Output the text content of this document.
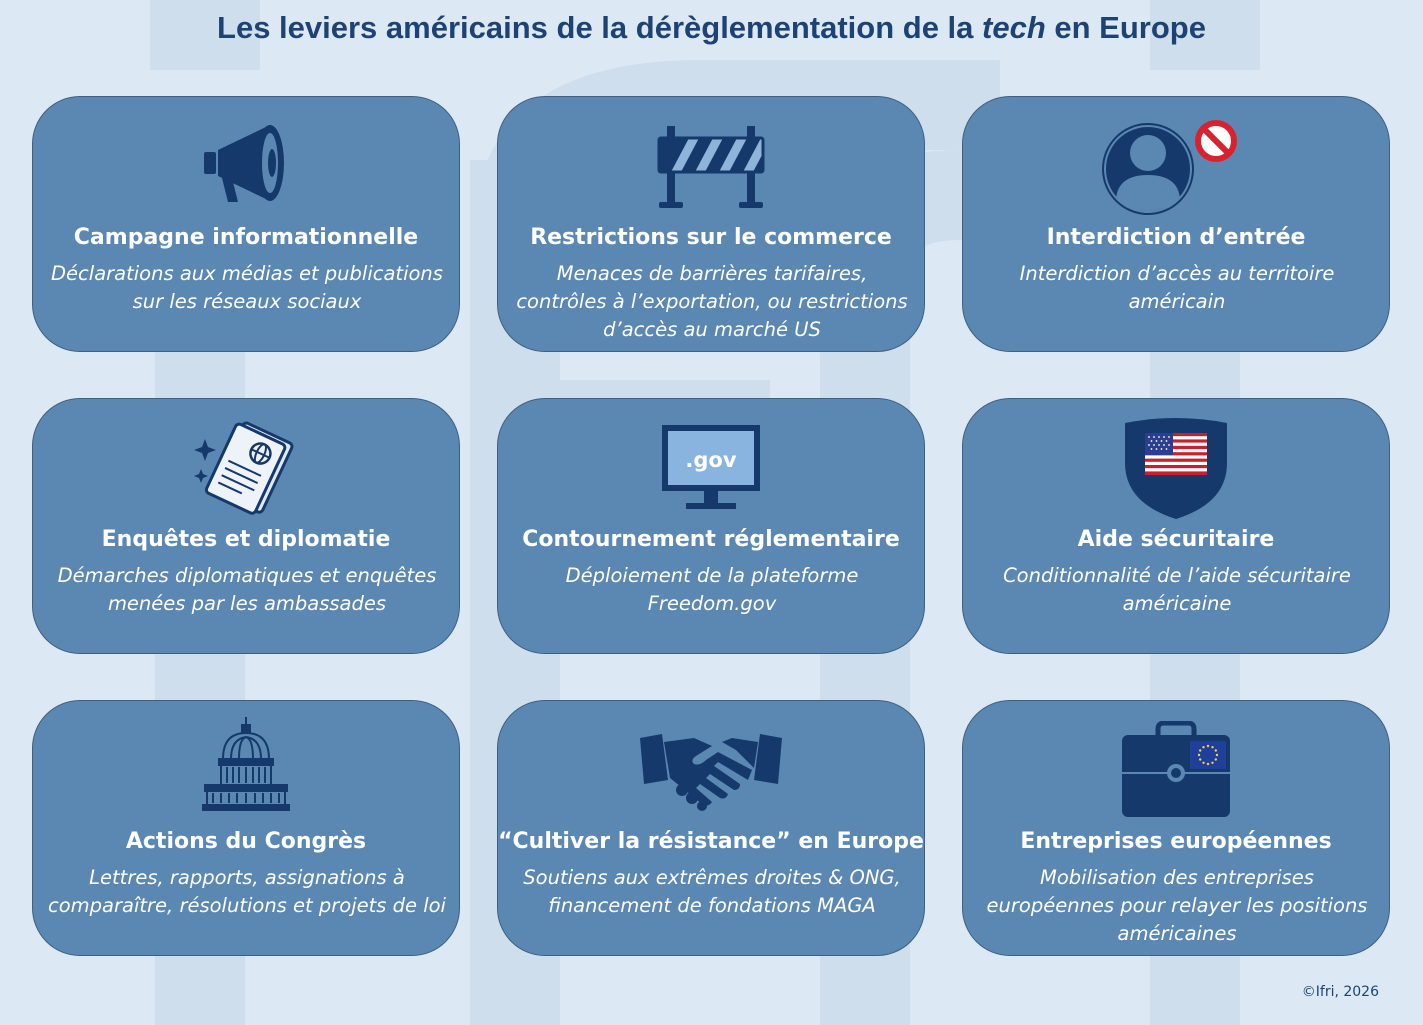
Les leviers américains de la dérèglementation de la tech en Europe
Campagne informationnelle
Déclarations aux médias et publications sur les réseaux sociaux
Restrictions sur le commerce
Menaces de barrières tarifaires, contrôles à l’exportation, ou restrictions d’accès au marché US
Interdiction d’entrée
Interdiction d’accès au territoire américain
Enquêtes et diplomatie
Démarches diplomatiques et enquêtes menées par les ambassades
.gov
Contournement réglementaire
Déploiement de la plateforme Freedom.gov
Aide sécuritaire
Conditionnalité de l’aide sécuritaire américaine
Actions du Congrès
Lettres, rapports, assignations à comparaître, résolutions et projets de loi
“Cultiver la résistance” en Europe
Soutiens aux extrêmes droites & ONG, financement de fondations MAGA
Entreprises européennes
Mobilisation des entreprises européennes pour relayer les positions américaines
©Ifri, 2026
